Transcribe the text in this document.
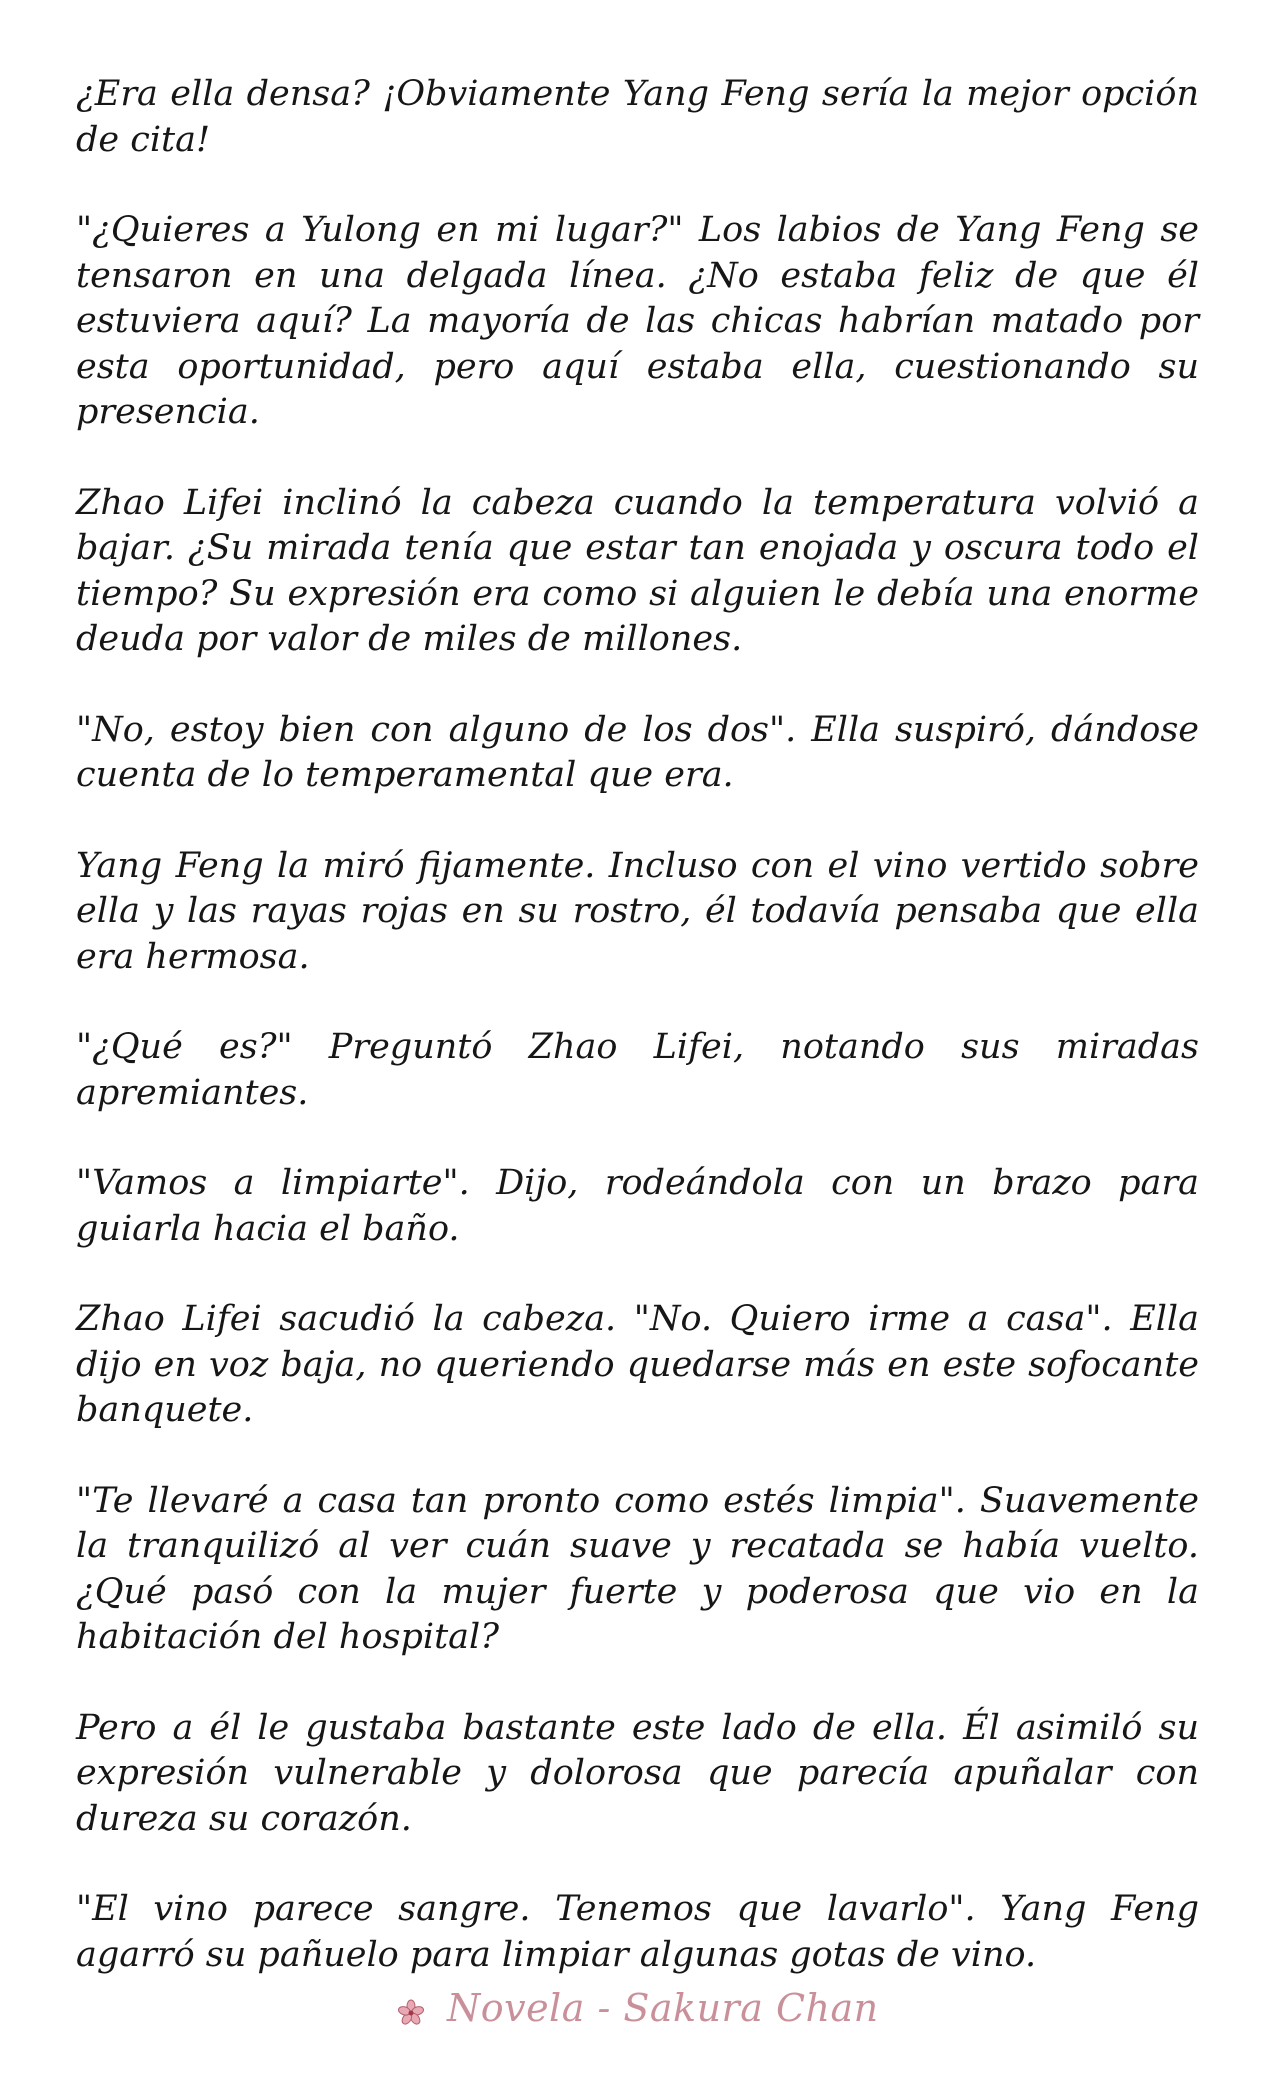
¿Era ella densa? ¡Obviamente Yang Feng sería la mejor opción de cita!

"¿Quieres a Yulong en mi lugar?" Los labios de Yang Feng se tensaron en una delgada línea. ¿No estaba feliz de que él estuviera aquí? La mayoría de las chicas habrían matado por esta oportunidad, pero aquí estaba ella, cuestionando su presencia.

Zhao Lifei inclinó la cabeza cuando la temperatura volvió a bajar. ¿Su mirada tenía que estar tan enojada y oscura todo el tiempo? Su expresión era como si alguien le debía una enorme deuda por valor de miles de millones.

"No, estoy bien con alguno de los dos". Ella suspiró, dándose cuenta de lo temperamental que era.

Yang Feng la miró fijamente. Incluso con el vino vertido sobre ella y las rayas rojas en su rostro, él todavía pensaba que ella era hermosa.

"¿Qué es?" Preguntó Zhao Lifei, notando sus miradas apremiantes.

"Vamos a limpiarte". Dijo, rodeándola con un brazo para guiarla hacia el baño.

Zhao Lifei sacudió la cabeza. "No. Quiero irme a casa". Ella dijo en voz baja, no queriendo quedarse más en este sofocante banquete.

"Te llevaré a casa tan pronto como estés limpia". Suavemente la tranquilizó al ver cuán suave y recatada se había vuelto. ¿Qué pasó con la mujer fuerte y poderosa que vio en la habitación del hospital?

Pero a él le gustaba bastante este lado de ella. Él asimiló su expresión vulnerable y dolorosa que parecía apuñalar con dureza su corazón.

"El vino parece sangre. Tenemos que lavarlo". Yang Feng agarró su pañuelo para limpiar algunas gotas de vino.

Novela - Sakura Chan
